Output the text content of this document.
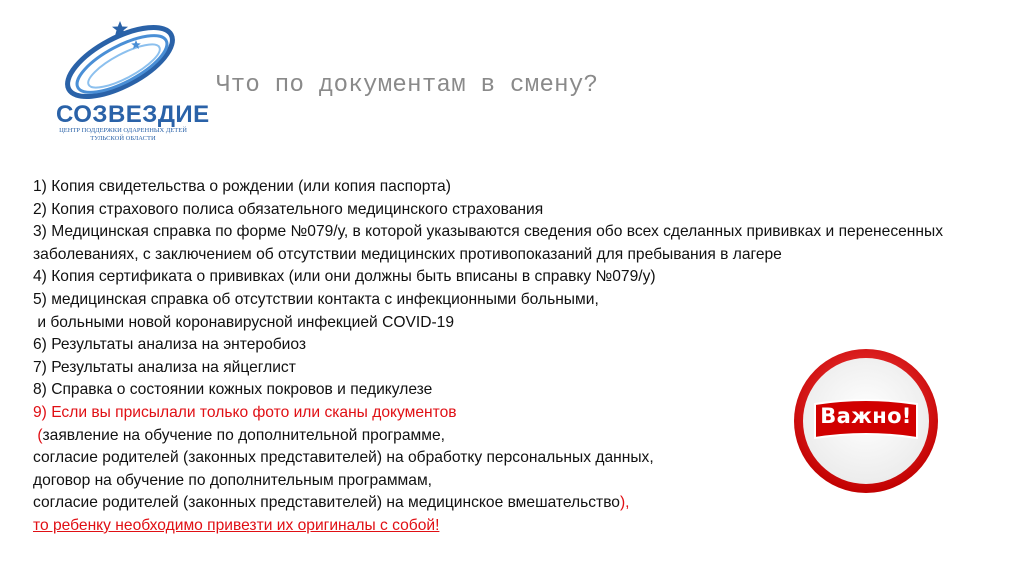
СОЗВЕЗДИЕ
ЦЕНТР ПОДДЕРЖКИ ОДАРЕННЫХ ДЕТЕЙ
ТУЛЬСКОЙ ОБЛАСТИ
Что по документам в смену?
1) Копия свидетельства о рождении (или копия паспорта)
2) Копия страхового полиса обязательного медицинского страхования
3) Медицинская справка по форме №079/у, в которой указываются сведения обо всех сделанных прививках и перенесенных заболеваниях, с заключением об отсутствии медицинских противопоказаний для пребывания в лагере
4) Копия сертификата о прививках (или они должны быть вписаны в справку №079/у)
5) медицинская справка об отсутствии контакта с инфекционными больными,
и больными новой коронавирусной инфекцией COVID-19
6) Результаты анализа на энтеробиоз
7) Результаты анализа на яйцеглист
8) Справка о состоянии кожных покровов и педикулезе
9) Если вы присылали только фото или сканы документов
(заявление на обучение по дополнительной программе,
согласие родителей (законных представителей) на обработку персональных данных,
договор на обучение по дополнительным программам,
согласие родителей (законных представителей) на медицинское вмешательство),
то ребенку необходимо привезти их оригиналы с собой!
Важно!
